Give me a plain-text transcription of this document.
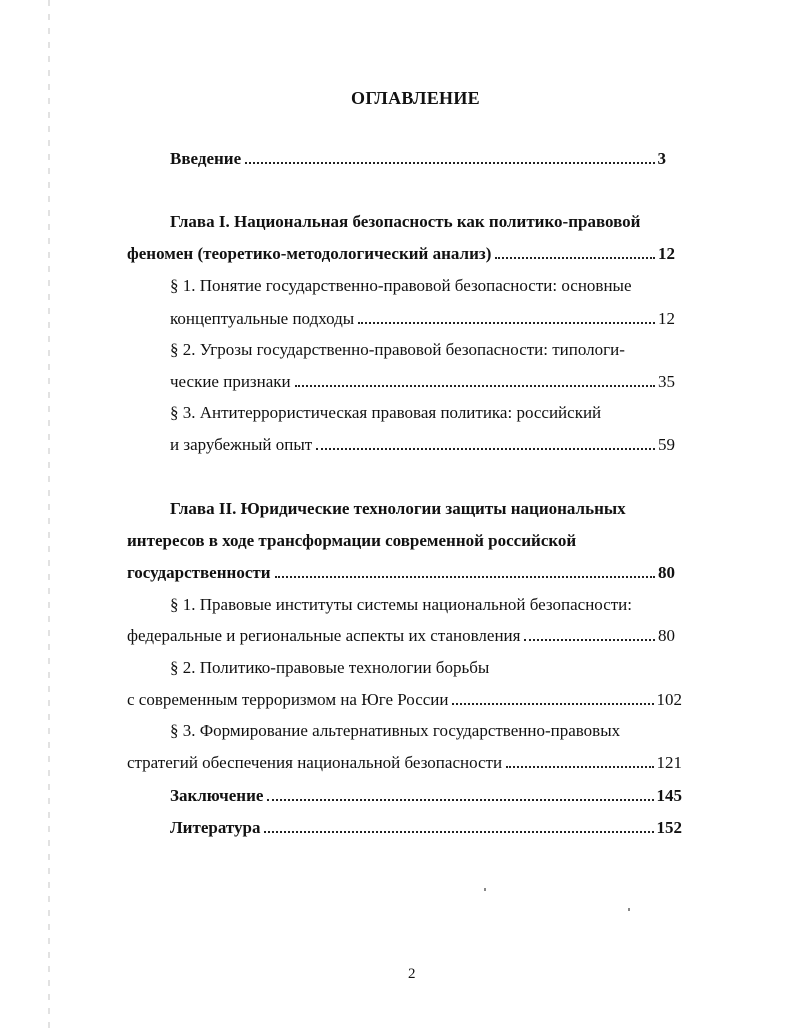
ОГЛАВЛЕНИЕ
Введение	3
Глава I. Национальная безопасность как политико-правовой
феномен (теоретико-методологический анализ)	12
§ 1. Понятие государственно-правовой безопасности: основные
концептуальные подходы	12
§ 2. Угрозы государственно-правовой безопасности: типологи-
ческие признаки	35
§ 3. Антитеррористическая правовая политика: российский
и зарубежный опыт	59
Глава II. Юридические технологии защиты национальных
интересов в ходе трансформации современной российской
государственности	80
§ 1. Правовые институты системы национальной безопасности:
федеральные и региональные аспекты их становления	80
§ 2. Политико-правовые технологии борьбы
с современным терроризмом на Юге России	102
§ 3. Формирование альтернативных государственно-правовых
стратегий обеспечения национальной безопасности	121
Заключение	145
Литература	152
2
